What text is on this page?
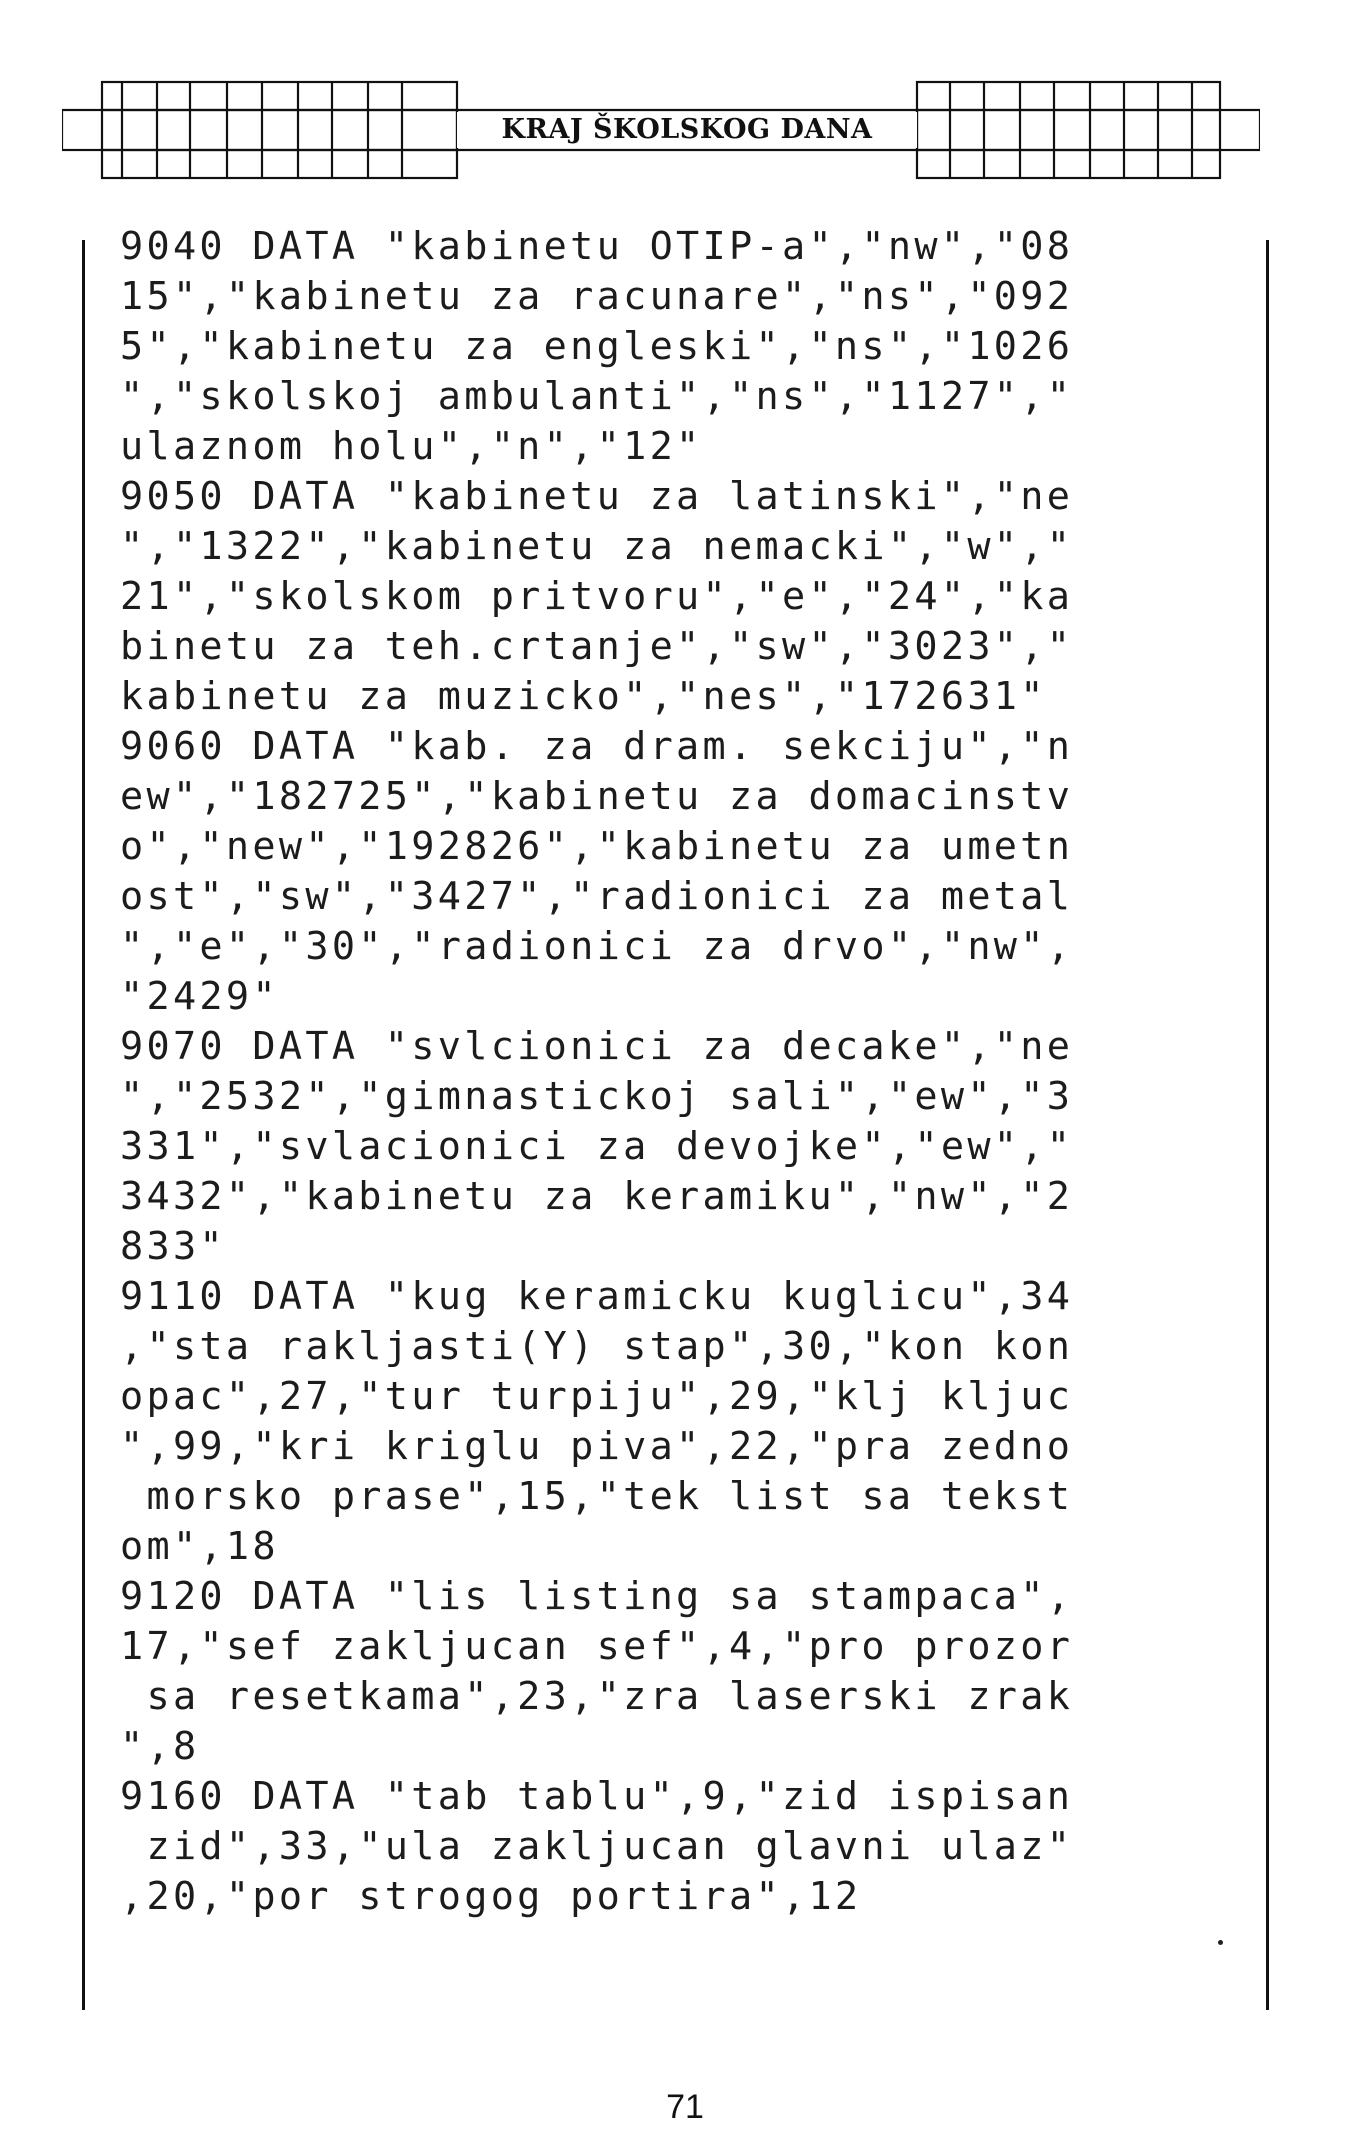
KRAJ ŠKOLSKOG DANA
9040 DATA "kabinetu OTIP-a","nw","08
15","kabinetu za racunare","ns","092
5","kabinetu za engleski","ns","1026
","skolskoj ambulanti","ns","1127","
ulaznom holu","n","12"
9050 DATA "kabinetu za latinski","ne
","1322","kabinetu za nemacki","w","
21","skolskom pritvoru","e","24","ka
binetu za teh.crtanje","sw","3023","
kabinetu za muzicko","nes","172631"
9060 DATA "kab. za dram. sekciju","n
ew","182725","kabinetu za domacinstv
o","new","192826","kabinetu za umetn
ost","sw","3427","radionici za metal
","e","30","radionici za drvo","nw",
"2429"
9070 DATA "svlcionici za decake","ne
","2532","gimnastickoj sali","ew","3
331","svlacionici za devojke","ew","
3432","kabinetu za keramiku","nw","2
833"
9110 DATA "kug keramicku kuglicu",34
,"sta rakljasti(Y) stap",30,"kon kon
opac",27,"tur turpiju",29,"klj kljuc
",99,"kri kriglu piva",22,"pra zedno
morsko prase",15,"tek list sa tekst
om",18
9120 DATA "lis listing sa stampaca",
17,"sef zakljucan sef",4,"pro prozor
sa resetkama",23,"zra laserski zrak
",8
9160 DATA "tab tablu",9,"zid ispisan
zid",33,"ula zakljucan glavni ulaz"
,20,"por strogog portira",12
71
